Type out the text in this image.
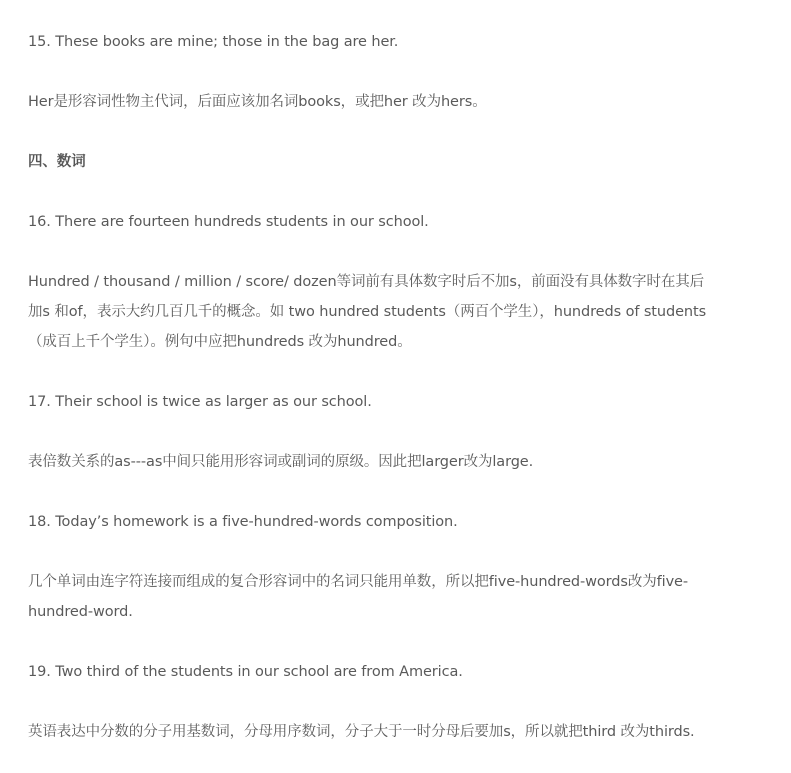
15. These books are mine; those in the bag are her.

Her是形容词性物主代词，后面应该加名词books，或把her 改为hers。

四、数词

16. There are fourteen hundreds students in our school.

Hundred / thousand / million / score/ dozen等词前有具体数字时后不加s，前面没有具体数字时在其后
加s 和of，表示大约几百几千的概念。如 two hundred students（两百个学生），hundreds of students
（成百上千个学生）。例句中应把hundreds 改为hundred。

17. Their school is twice as larger as our school.

表倍数关系的as---as中间只能用形容词或副词的原级。因此把larger改为large.

18. Today’s homework is a five-hundred-words composition.

几个单词由连字符连接而组成的复合形容词中的名词只能用单数，所以把five-hundred-words改为five-
hundred-word.

19. Two third of the students in our school are from America.

英语表达中分数的分子用基数词，分母用序数词，分子大于一时分母后要加s，所以就把third 改为thirds.
